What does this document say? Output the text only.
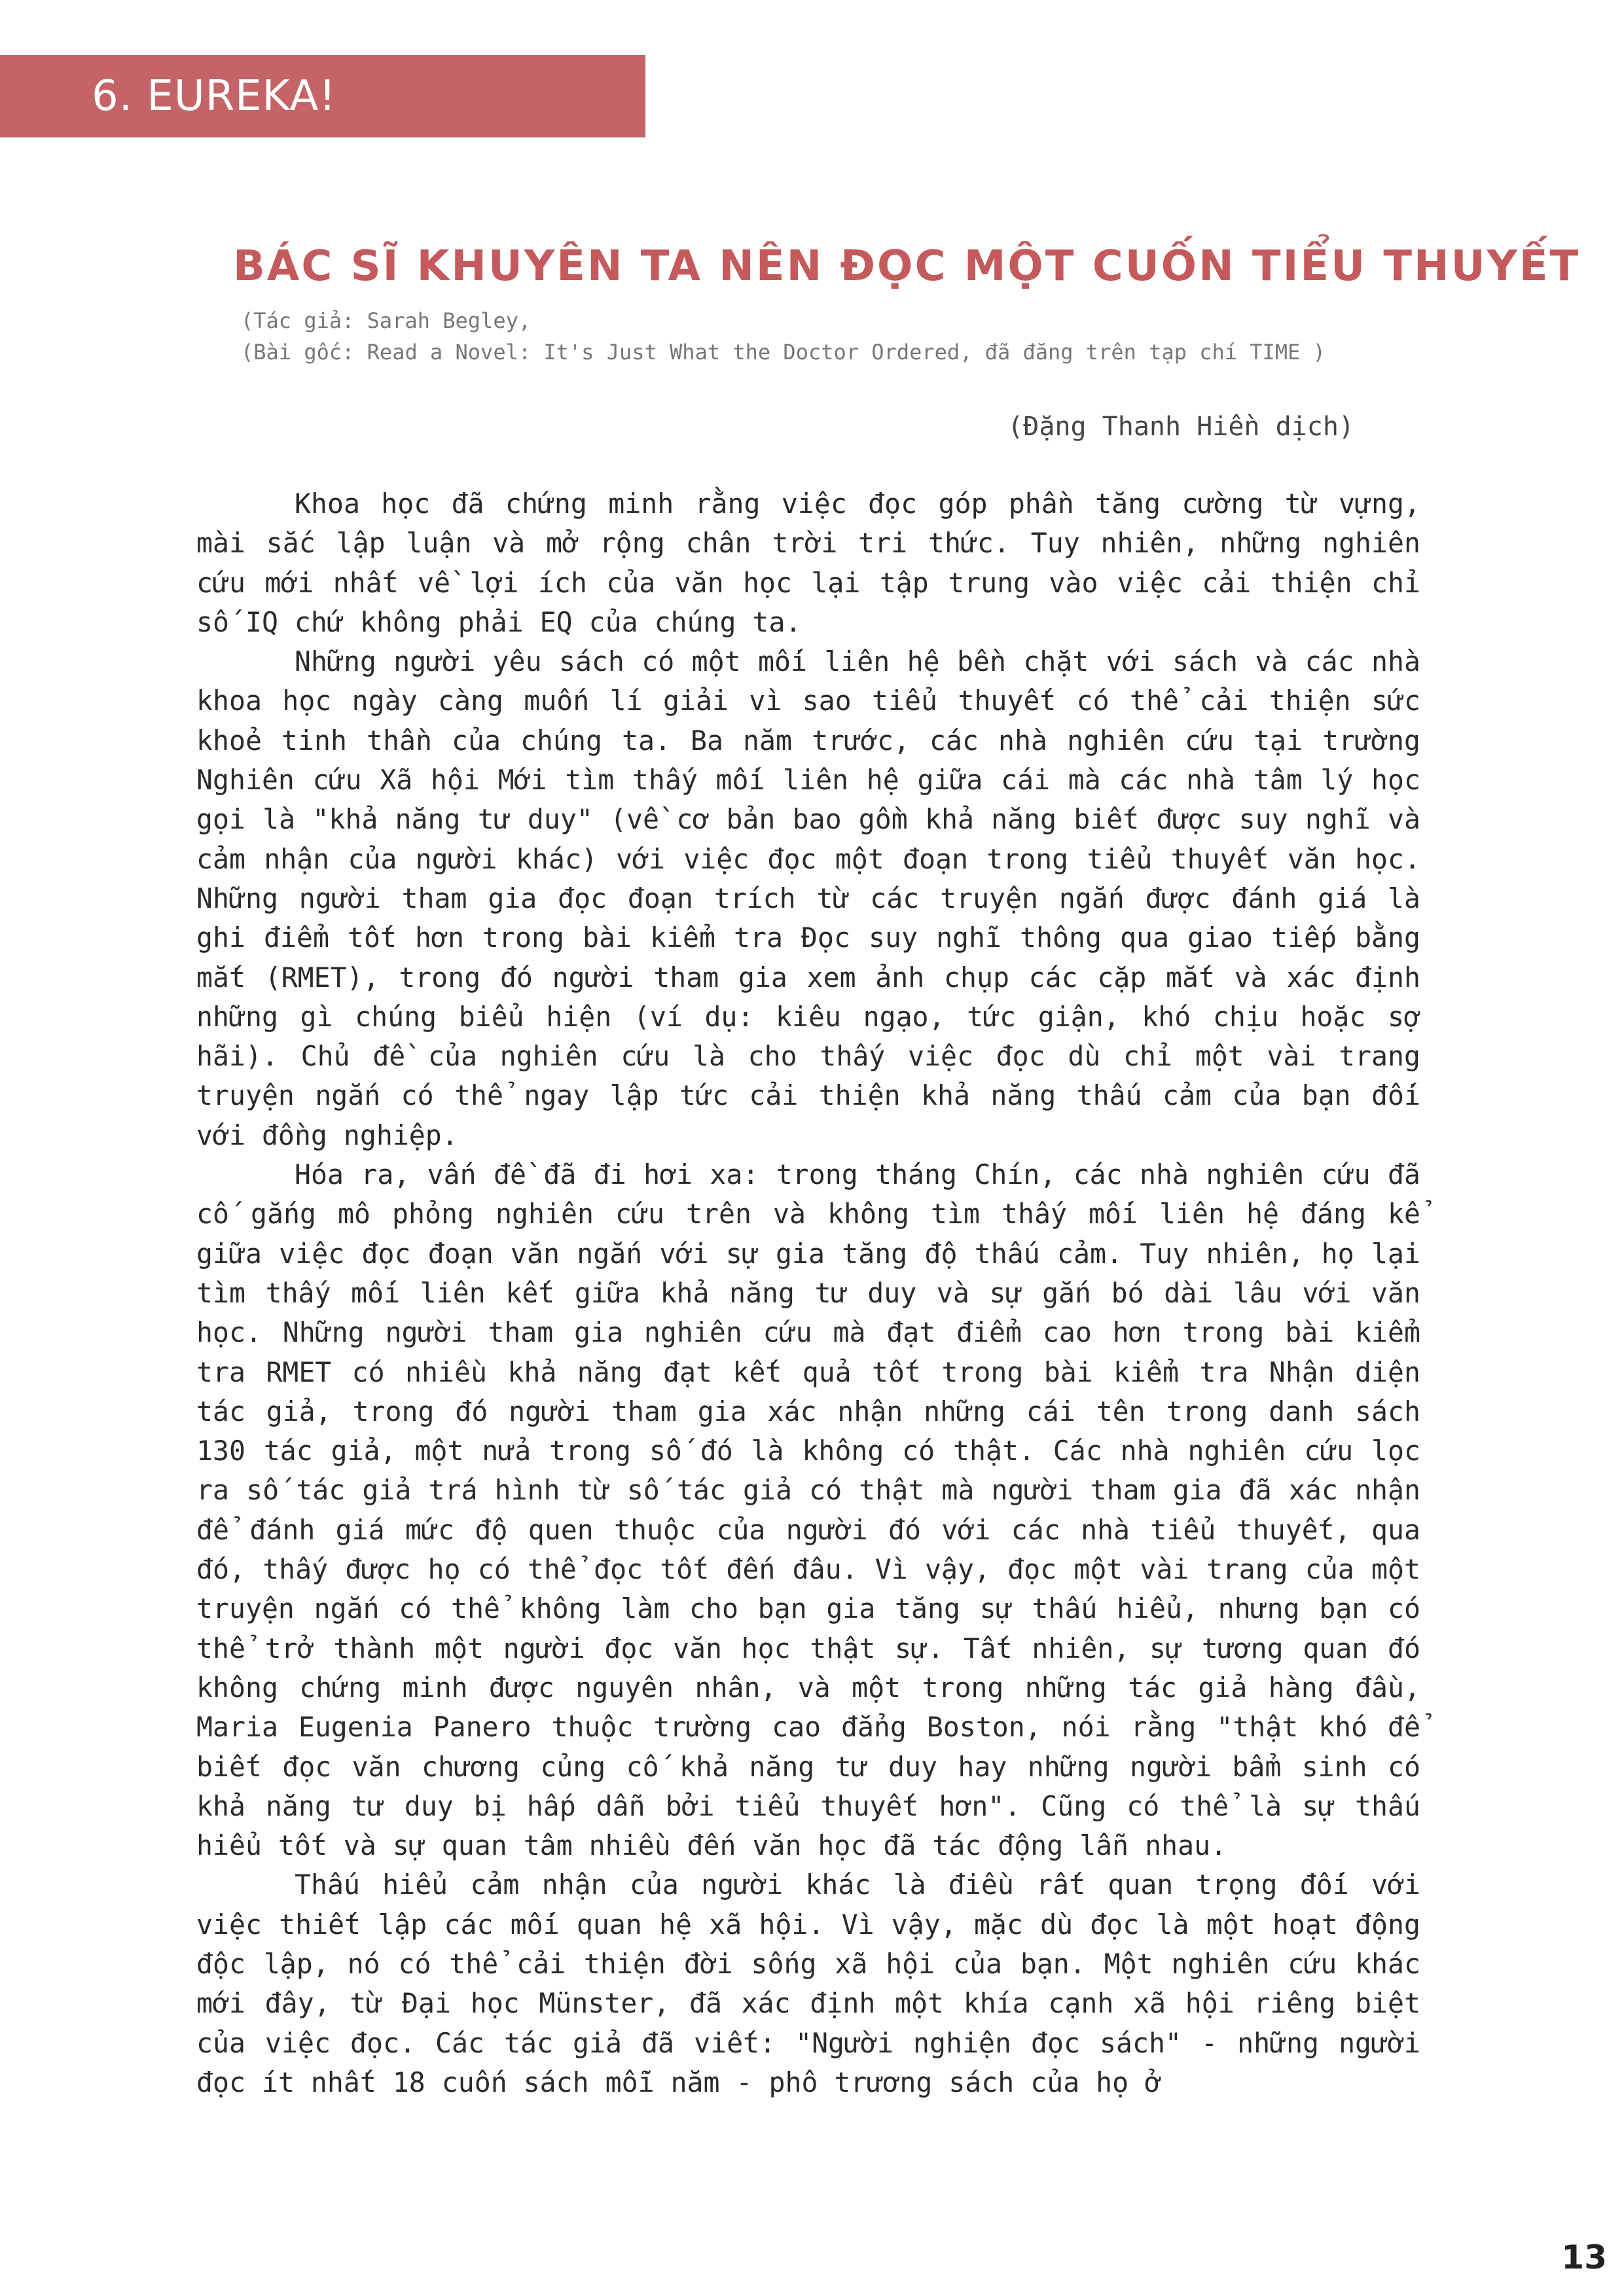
6. EUREKA!
BÁC SĨ KHUYÊN TA NÊN ĐỌC MỘT CUỐN TIỂU THUYẾT
(Tác giả: Sarah Begley,
(Bài gốc: Read a Novel: It's Just What the Doctor Ordered, đã đăng trên tạp chí TIME )
(Đặng Thanh Hiền dịch)

Khoa học đã chứng minh rằng việc đọc góp phần tăng cường từ vựng, mài sắc lập luận và mở rộng chân trời tri thức. Tuy nhiên, những nghiên cứu mới nhất về lợi ích của văn học lại tập trung vào việc cải thiện chỉ số IQ chứ không phải EQ của chúng ta.

Những người yêu sách có một mối liên hệ bền chặt với sách và các nhà khoa học ngày càng muốn lí giải vì sao tiểu thuyết có thể cải thiện sức khoẻ tinh thần của chúng ta. Ba năm trước, các nhà nghiên cứu tại trường Nghiên cứu Xã hội Mới tìm thấy mối liên hệ giữa cái mà các nhà tâm lý học gọi là "khả năng tư duy" (về cơ bản bao gồm khả năng biết được suy nghĩ và cảm nhận của người khác) với việc đọc một đoạn trong tiểu thuyết văn học. Những người tham gia đọc đoạn trích từ các truyện ngắn được đánh giá là ghi điểm tốt hơn trong bài kiểm tra Đọc suy nghĩ thông qua giao tiếp bằng mắt (RMET), trong đó người tham gia xem ảnh chụp các cặp mắt và xác định những gì chúng biểu hiện (ví dụ: kiêu ngạo, tức giận, khó chịu hoặc sợ hãi). Chủ đề của nghiên cứu là cho thấy việc đọc dù chỉ một vài trang truyện ngắn có thể ngay lập tức cải thiện khả năng thấu cảm của bạn đối với đồng nghiệp.

Hóa ra, vấn đề đã đi hơi xa: trong tháng Chín, các nhà nghiên cứu đã cố gắng mô phỏng nghiên cứu trên và không tìm thấy mối liên hệ đáng kể giữa việc đọc đoạn văn ngắn với sự gia tăng độ thấu cảm. Tuy nhiên, họ lại tìm thấy mối liên kết giữa khả năng tư duy và sự gắn bó dài lâu với văn học. Những người tham gia nghiên cứu mà đạt điểm cao hơn trong bài kiểm tra RMET có nhiều khả năng đạt kết quả tốt trong bài kiểm tra Nhận diện tác giả, trong đó người tham gia xác nhận những cái tên trong danh sách 130 tác giả, một nửa trong số đó là không có thật. Các nhà nghiên cứu lọc ra số tác giả trá hình từ số tác giả có thật mà người tham gia đã xác nhận để đánh giá mức độ quen thuộc của người đó với các nhà tiểu thuyết, qua đó, thấy được họ có thể đọc tốt đến đâu. Vì vậy, đọc một vài trang của một truyện ngắn có thể không làm cho bạn gia tăng sự thấu hiểu, nhưng bạn có thể trở thành một người đọc văn học thật sự. Tất nhiên, sự tương quan đó không chứng minh được nguyên nhân, và một trong những tác giả hàng đầu, Maria Eugenia Panero thuộc trường cao đẳng Boston, nói rằng "thật khó để biết đọc văn chương củng cố khả năng tư duy hay những người bẩm sinh có khả năng tư duy bị hấp dẫn bởi tiểu thuyết hơn". Cũng có thể là sự thấu hiểu tốt và sự quan tâm nhiều đến văn học đã tác động lẫn nhau.

Thấu hiểu cảm nhận của người khác là điều rất quan trọng đối với việc thiết lập các mối quan hệ xã hội. Vì vậy, mặc dù đọc là một hoạt động độc lập, nó có thể cải thiện đời sống xã hội của bạn. Một nghiên cứu khác mới đây, từ Đại học Münster, đã xác định một khía cạnh xã hội riêng biệt của việc đọc. Các tác giả đã viết: "Người nghiện đọc sách" - những người đọc ít nhất 18 cuốn sách mỗi năm - phô trương sách của họ ở

13
